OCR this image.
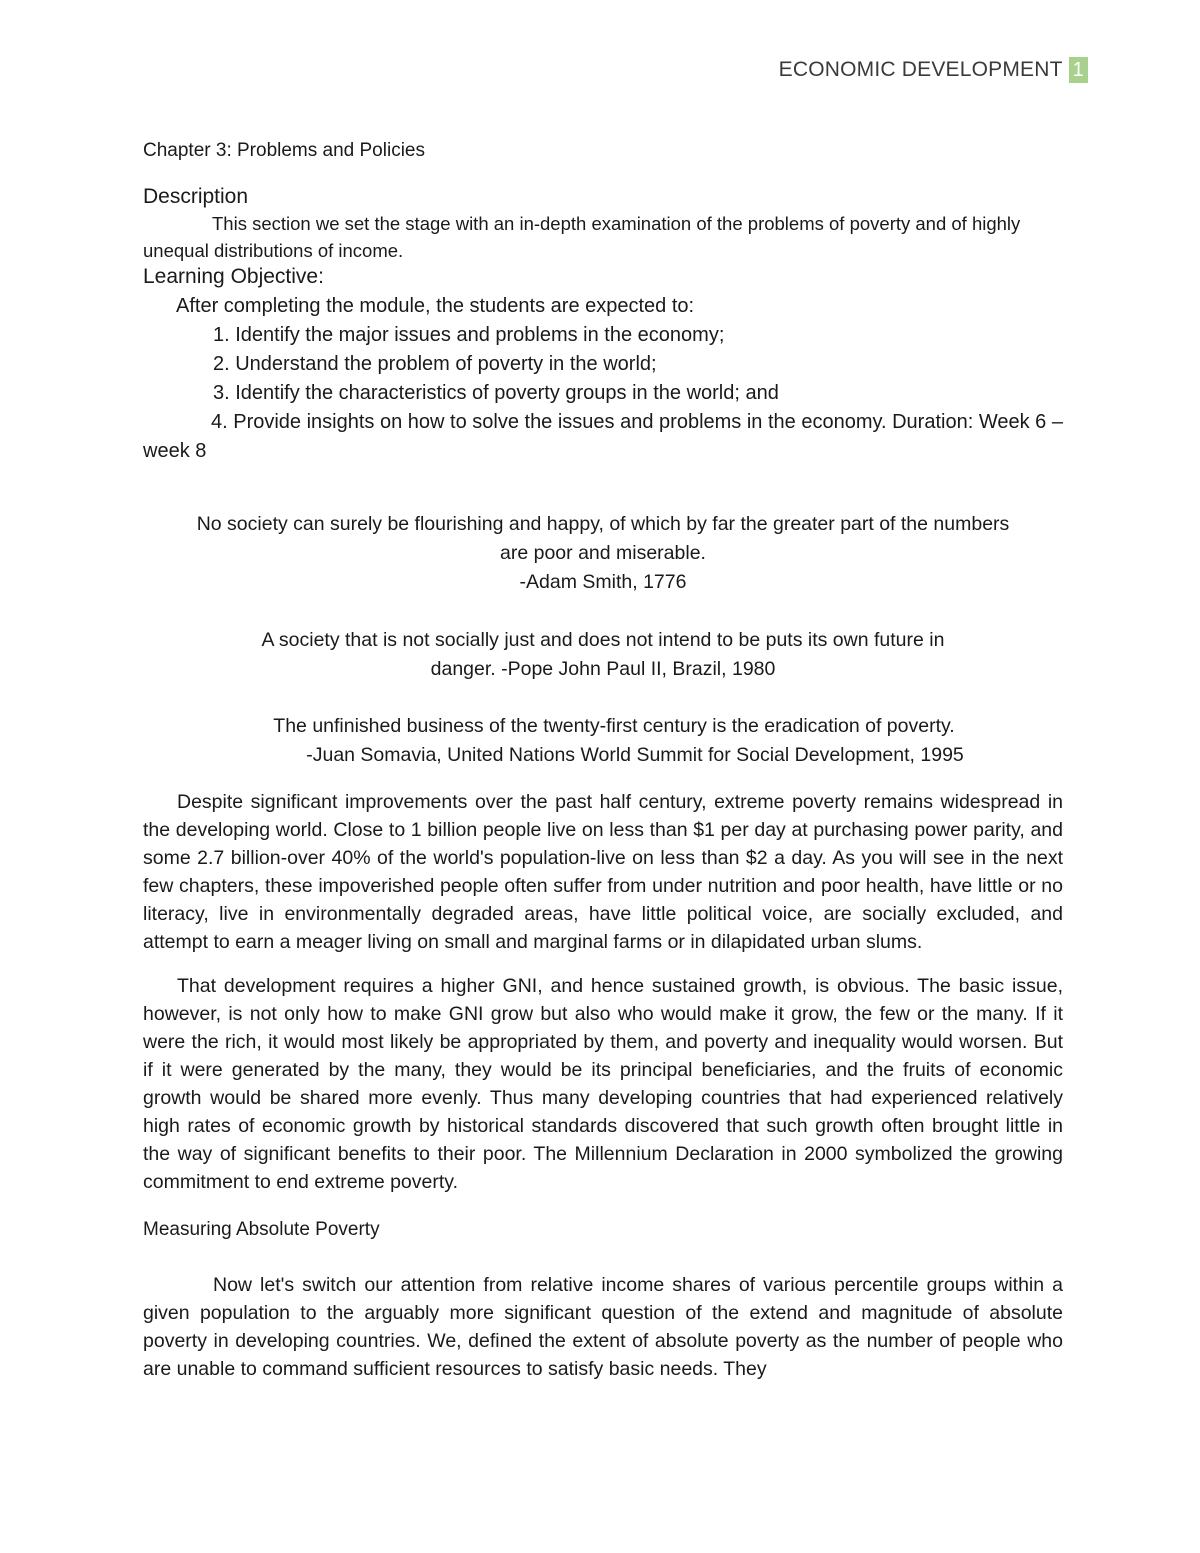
ECONOMIC DEVELOPMENT 1

Chapter 3: Problems and Policies

Description

This section we set the stage with an in-depth examination of the problems of poverty and of highly unequal distributions of income.

Learning Objective:

After completing the module, the students are expected to:

1. Identify the major issues and problems in the economy;

2. Understand the problem of poverty in the world;

3. Identify the characteristics of poverty groups in the world; and

4. Provide insights on how to solve the issues and problems in the economy. Duration: Week 6 – week 8

No society can surely be flourishing and happy, of which by far the greater part of the numbers
are poor and miserable.
-Adam Smith, 1776
A society that is not socially just and does not intend to be puts its own future in
danger. -Pope John Paul II, Brazil, 1980
The unfinished business of the twenty-first century is the eradication of poverty.
-Juan Somavia, United Nations World Summit for Social Development, 1995

Despite significant improvements over the past half century, extreme poverty remains widespread in the developing world. Close to 1 billion people live on less than $1 per day at purchasing power parity, and some 2.7 billion-over 40% of the world's population-live on less than $2 a day. As you will see in the next few chapters, these impoverished people often suffer from under nutrition and poor health, have little or no literacy, live in environmentally degraded areas, have little political voice, are socially excluded, and attempt to earn a meager living on small and marginal farms or in dilapidated urban slums.

That development requires a higher GNI, and hence sustained growth, is obvious. The basic issue, however, is not only how to make GNI grow but also who would make it grow, the few or the many. If it were the rich, it would most likely be appropriated by them, and poverty and inequality would worsen. But if it were generated by the many, they would be its principal beneficiaries, and the fruits of economic growth would be shared more evenly. Thus many developing countries that had experienced relatively high rates of economic growth by historical standards discovered that such growth often brought little in the way of significant benefits to their poor. The Millennium Declaration in 2000 symbolized the growing commitment to end extreme poverty.

Measuring Absolute Poverty

Now let's switch our attention from relative income shares of various percentile groups within a given population to the arguably more significant question of the extend and magnitude of absolute poverty in developing countries. We, defined the extent of absolute poverty as the number of people who are unable to command sufficient resources to satisfy basic needs. They
